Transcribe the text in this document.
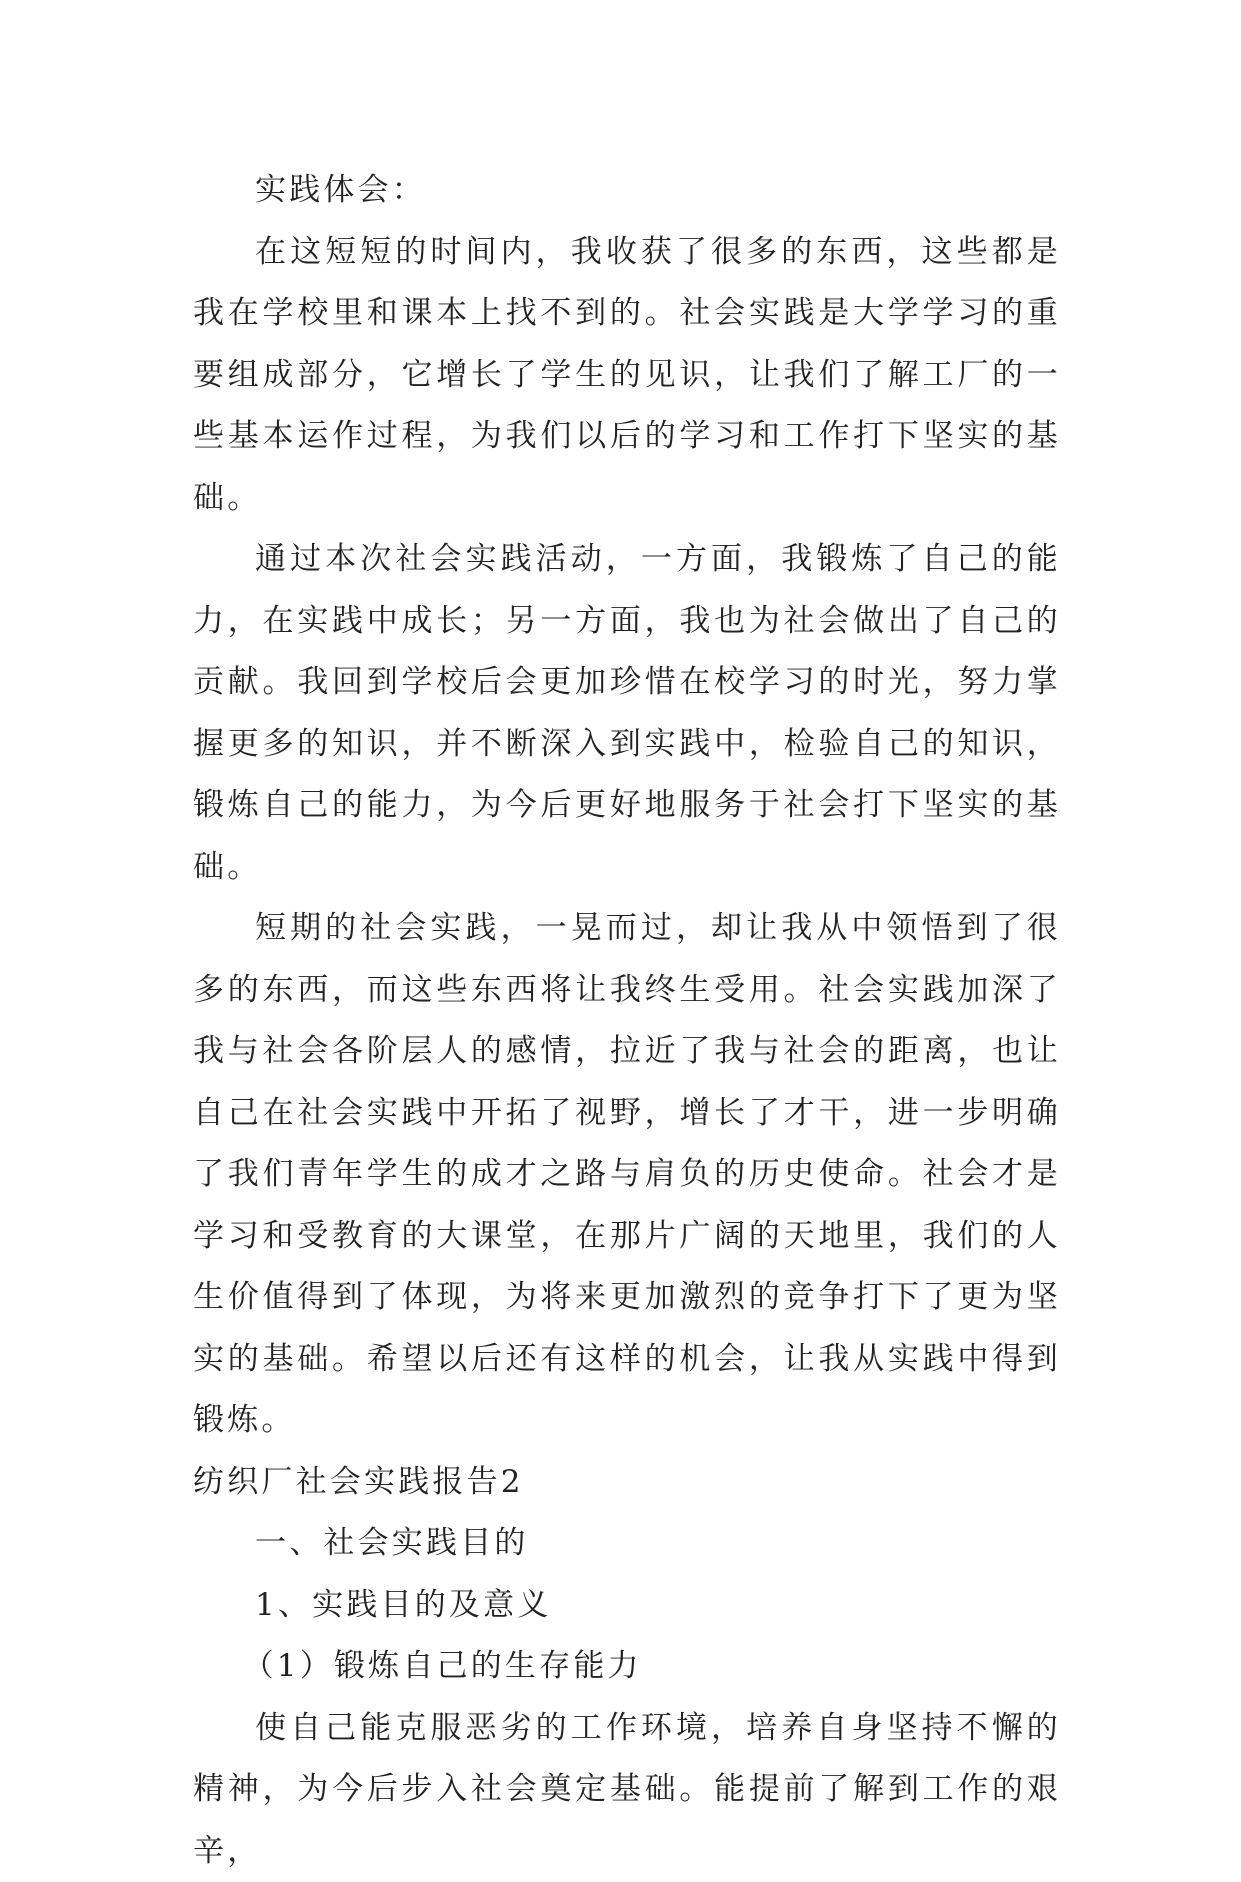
实践体会：

在这短短的时间内，我收获了很多的东西，这些都是我在学校里和课本上找不到的。社会实践是大学学习的重要组成部分，它增长了学生的见识，让我们了解工厂的一些基本运作过程，为我们以后的学习和工作打下坚实的基础。

通过本次社会实践活动，一方面，我锻炼了自己的能力，在实践中成长；另一方面，我也为社会做出了自己的贡献。我回到学校后会更加珍惜在校学习的时光，努力掌握更多的知识，并不断深入到实践中，检验自己的知识，锻炼自己的能力，为今后更好地服务于社会打下坚实的基础。

短期的社会实践，一晃而过，却让我从中领悟到了很多的东西，而这些东西将让我终生受用。社会实践加深了我与社会各阶层人的感情，拉近了我与社会的距离，也让自己在社会实践中开拓了视野，增长了才干，进一步明确了我们青年学生的成才之路与肩负的历史使命。社会才是学习和受教育的大课堂，在那片广阔的天地里，我们的人生价值得到了体现，为将来更加激烈的竞争打下了更为坚实的基础。希望以后还有这样的机会，让我从实践中得到锻炼。

纺织厂社会实践报告2

一、社会实践目的

1、实践目的及意义

（1）锻炼自己的生存能力

使自己能克服恶劣的工作环境，培养自身坚持不懈的精神，为今后步入社会奠定基础。能提前了解到工作的艰辛，
